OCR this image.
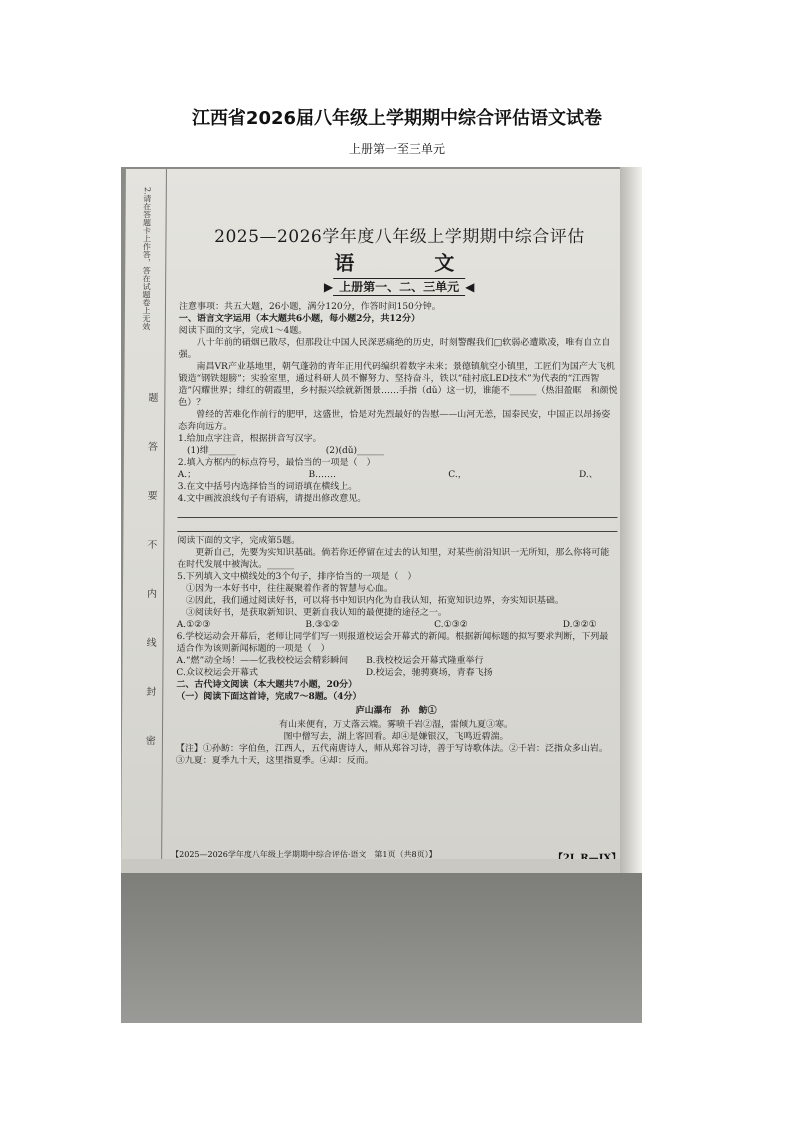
江西省2026届八年级上学期期中综合评估语文试卷
上册第一至三单元
2.请在答题卡上作答，答在试题卷上无效
题
答
要
不
内
线
封
密
2025—2026学年度八年级上学期期中综合评估
语　文
▶ 上册第一、二、三单元 ◀

注意事项：共五大题，26小题，满分120分，作答时间150分钟。

一、语言文字运用（本大题共6小题，每小题2分，共12分）

阅读下面的文字，完成1～4题。

八十年前的硝烟已散尽，但那段让中国人民深恶痛绝的历史，时刻警醒我们□软弱必遭欺凌，唯有自立自强。

南昌VR产业基地里，朝气蓬勃的青年正用代码编织着数字未来；景德镇航空小镇里，工匠们为国产大飞机锻造“钢铁翅膀”；实验室里，通过科研人员不懈努力、坚持奋斗，铁以“硅衬底LED技术”为代表的“江西智造”闪耀世界；绯红的朝霞里，乡村振兴绘就新图景……手指（dǔ）这一切，谁能不______（热泪盈眶　和颜悦色）？

曾经的苦难化作前行的肥甲，这盛世，恰是对先烈最好的告慰——山河无恙，国泰民安，中国正以昂扬姿态奔向远方。

1.给加点字注音，根据拼音写汉字。

　(1)绯______　　　　　　　　　　(2)(dǔ)______

2.填入方框内的标点符号，最恰当的一项是（　）

A.；	B.……	C.，	D.、

3.在文中括号内选择恰当的词语填在横线上。

4.文中画波浪线句子有语病，请提出修改意见。

阅读下面的文字，完成第5题。

更新自己，先要为实知识基础。倘若你还停留在过去的认知里，对某些前沿知识一无所知，那么你将可能在时代发展中被淘汰。______

5.下列填入文中横线处的3个句子，排序恰当的一项是（　）

　①因为一本好书中，往往凝聚着作者的智慧与心血。

　②因此，我们通过阅读好书，可以将书中知识内化为自我认知，拓宽知识边界，夯实知识基础。

　③阅读好书，是获取新知识、更新自我认知的最便捷的途径之一。

A.①②③	B.③①②	C.①③②	D.③②①

6.学校运动会开幕后，老师让同学们写一则报道校运会开幕式的新闻。根据新闻标题的拟写要求判断，下列最适合作为该则新闻标题的一项是（　）

A.“燃”动全场！——忆我校校运会精彩瞬间　　B.我校校运会开幕式隆重举行

C.众议校运会开幕式　　　　　　　　　　　　D.校运会，驰骋赛场，青春飞扬

二、古代诗文阅读（本大题共7小题，20分）

（一）阅读下面这首诗，完成7～8题。（4分）

庐山瀑布　孙　鲂①

有山来便有，万丈落云端。雾喷千岩②湿，雷倾九夏③寒。

图中僧写去，湖上客回看。却④是嫌银汉，飞鸣近碧湍。

【注】①孙鲂：字伯鱼，江西人，五代南唐诗人，师从郑谷习诗，善于写诗歌体法。②千岩：泛指众多山岩。③九夏：夏季九十天，这里指夏季。④却：反而。

【2025—2026学年度八年级上学期期中综合评估·语文　第1页（共8页）】
